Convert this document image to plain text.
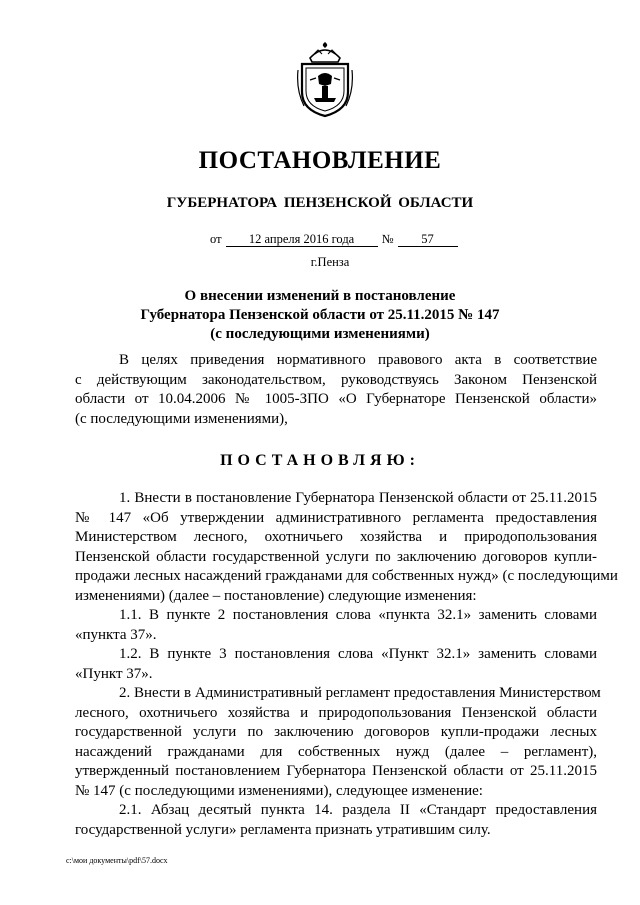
ПОСТАНОВЛЕНИЕ
ГУБЕРНАТОРА ПЕНЗЕНСКОЙ ОБЛАСТИ
от 12 апреля 2016 года № 57
г.Пенза
О внесении изменений в постановление
Губернатора Пензенской области от 25.11.2015 № 147
(с последующими изменениями)
В целях приведения нормативного правового акта в соответствие
с действующим законодательством, руководствуясь Законом Пензенской
области от 10.04.2006 № 1005-ЗПО «О Губернаторе Пензенской области»
(с последующими изменениями),
ПОСТАНОВЛЯЮ:
1. Внести в постановление Губернатора Пензенской области от 25.11.2015
№ 147 «Об утверждении административного регламента предоставления
Министерством лесного, охотничьего хозяйства и природопользования
Пензенской области государственной услуги по заключению договоров купли-
продажи лесных насаждений гражданами для собственных нужд» (с последующими
изменениями) (далее – постановление) следующие изменения:
1.1. В пункте 2 постановления слова «пункта 32.1» заменить словами
«пункта 37».
1.2. В пункте 3 постановления слова «Пункт 32.1» заменить словами
«Пункт 37».
2. Внести в Административный регламент предоставления Министерством
лесного, охотничьего хозяйства и природопользования Пензенской области
государственной услуги по заключению договоров купли-продажи лесных
насаждений гражданами для собственных нужд (далее – регламент),
утвержденный постановлением Губернатора Пензенской области от 25.11.2015
№ 147 (с последующими изменениями), следующее изменение:
2.1. Абзац десятый пункта 14. раздела II «Стандарт предоставления
государственной услуги» регламента признать утратившим силу.
c:\мои документы\pdf\57.docx
